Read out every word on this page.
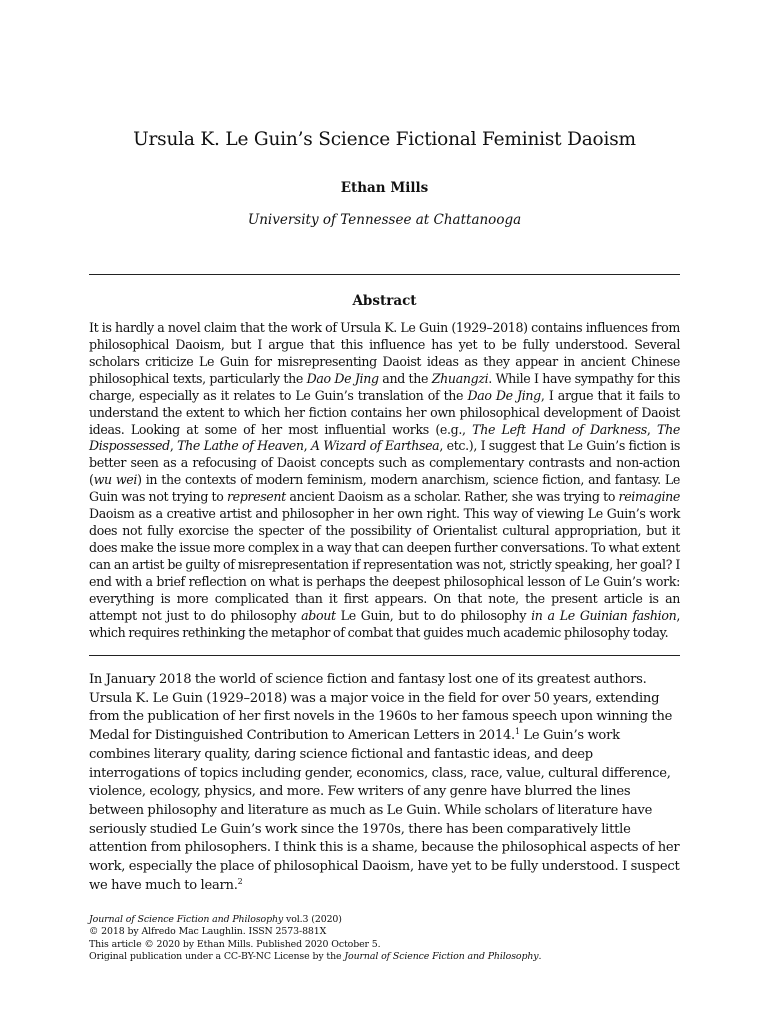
Ursula K. Le Guin’s Science Fictional Feminist Daoism
Ethan Mills
University of Tennessee at Chattanooga
Abstract

It is hardly a novel claim that the work of Ursula K. Le Guin (1929–2018) contains influences from philosophical Daoism, but I argue that this influence has yet to be fully understood. Several scholars criticize Le Guin for misrepresenting Daoist ideas as they appear in ancient Chinese philosophical texts, particularly the Dao De Jing and the Zhuangzi. While I have sympathy for this charge, especially as it relates to Le Guin’s translation of the Dao De Jing, I argue that it fails to understand the extent to which her fiction contains her own philosophical development of Daoist ideas. Looking at some of her most influential works (e.g., The Left Hand of Darkness, The Dispossessed, The Lathe of Heaven, A Wizard of Earthsea, etc.), I suggest that Le Guin’s fiction is better seen as a refocusing of Daoist concepts such as complementary contrasts and non-action (wu wei) in the contexts of modern feminism, modern anarchism, science fiction, and fantasy. Le Guin was not trying to represent ancient Daoism as a scholar. Rather, she was trying to reimagine Daoism as a creative artist and philosopher in her own right. This way of viewing Le Guin’s work does not fully exorcise the specter of the possibility of Orientalist cultural appropriation, but it does make the issue more complex in a way that can deepen further conversations. To what extent can an artist be guilty of misrepresentation if representation was not, strictly speaking, her goal? I end with a brief reflection on what is perhaps the deepest philosophical lesson of Le Guin’s work: everything is more complicated than it first appears. On that note, the present article is an attempt not just to do philosophy about Le Guin, but to do philosophy in a Le Guinian fashion, which requires rethinking the metaphor of combat that guides much academic philosophy today.

In January 2018 the world of science fiction and fantasy lost one of its greatest authors. Ursula K. Le Guin (1929–2018) was a major voice in the field for over 50 years, extending from the publication of her first novels in the 1960s to her famous speech upon winning the Medal for Distinguished Contribution to American Letters in 2014.$^1$ Le Guin’s work combines literary quality, daring science fictional and fantastic ideas, and deep interrogations of topics including gender, economics, class, race, value, cultural difference, violence, ecology, physics, and more. Few writers of any genre have blurred the lines between philosophy and literature as much as Le Guin. While scholars of literature have seriously studied Le Guin’s work since the 1970s, there has been comparatively little attention from philosophers. I think this is a shame, because the philosophical aspects of her work, especially the place of philosophical Daoism, have yet to be fully understood. I suspect we have much to learn.$^2$

Journal of Science Fiction and Philosophy vol.3 (2020)
© 2018 by Alfredo Mac Laughlin. ISSN 2573-881X
This article © 2020 by Ethan Mills. Published 2020 October 5.
Original publication under a CC-BY-NC License by the Journal of Science Fiction and Philosophy.
